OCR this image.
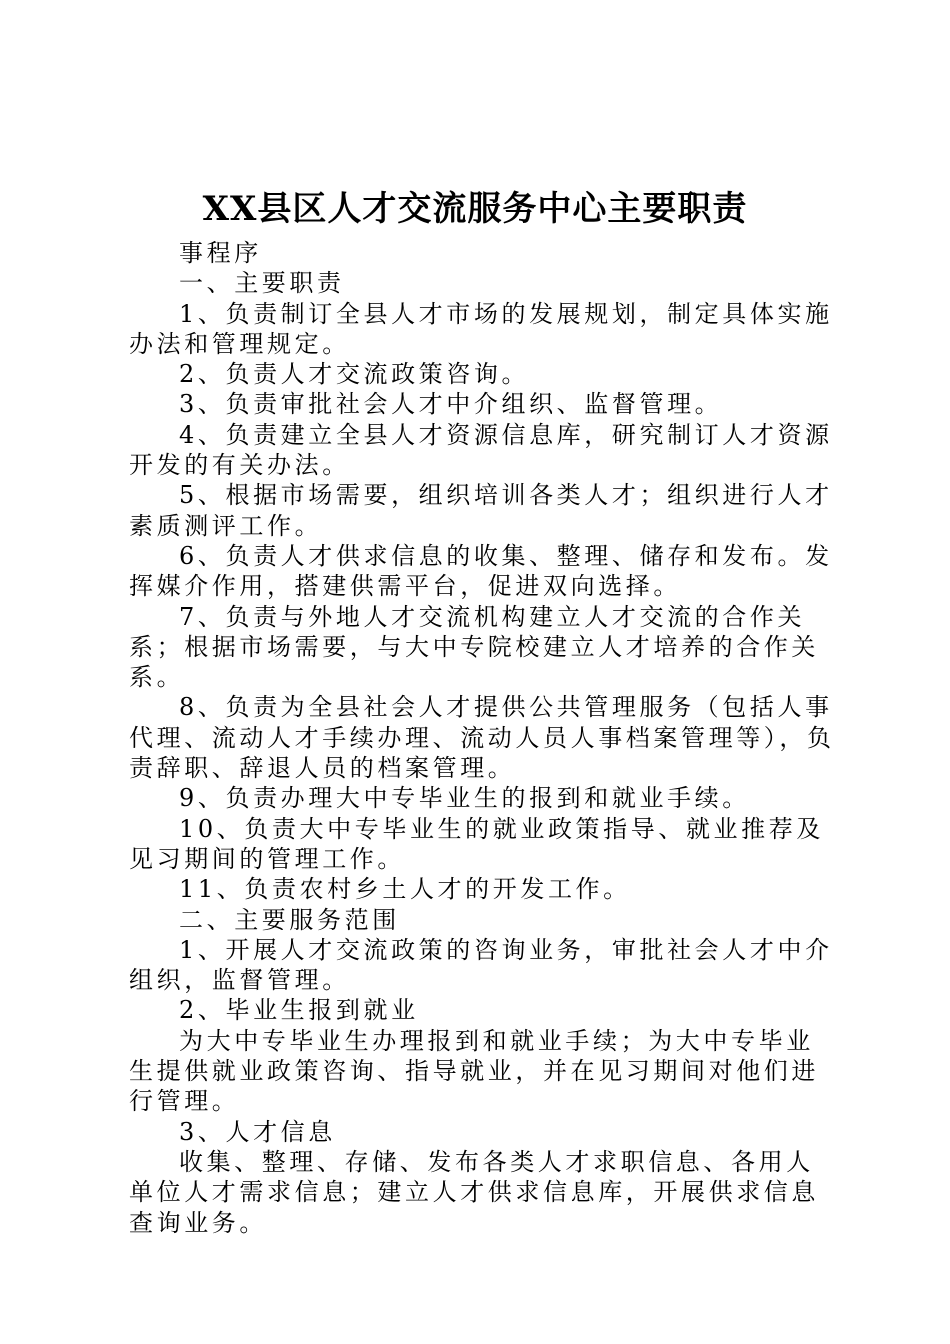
XX县区人才交流服务中心主要职责

事程序

一、主要职责

1、负责制订全县人才市场的发展规划，制定具体实施办法和管理规定。

2、负责人才交流政策咨询。

3、负责审批社会人才中介组织、监督管理。

4、负责建立全县人才资源信息库，研究制订人才资源开发的有关办法。

5、根据市场需要，组织培训各类人才；组织进行人才素质测评工作。

6、负责人才供求信息的收集、整理、储存和发布。发挥媒介作用，搭建供需平台，促进双向选择。

7、负责与外地人才交流机构建立人才交流的合作关系；根据市场需要，与大中专院校建立人才培养的合作关系。

8、负责为全县社会人才提供公共管理服务（包括人事代理、流动人才手续办理、流动人员人事档案管理等），负责辞职、辞退人员的档案管理。

9、负责办理大中专毕业生的报到和就业手续。

10、负责大中专毕业生的就业政策指导、就业推荐及见习期间的管理工作。

11、负责农村乡土人才的开发工作。

二、主要服务范围

1、开展人才交流政策的咨询业务，审批社会人才中介组织，监督管理。

2、毕业生报到就业

为大中专毕业生办理报到和就业手续；为大中专毕业生提供就业政策咨询、指导就业，并在见习期间对他们进行管理。

3、人才信息

收集、整理、存储、发布各类人才求职信息、各用人单位人才需求信息；建立人才供求信息库，开展供求信息查询业务。
